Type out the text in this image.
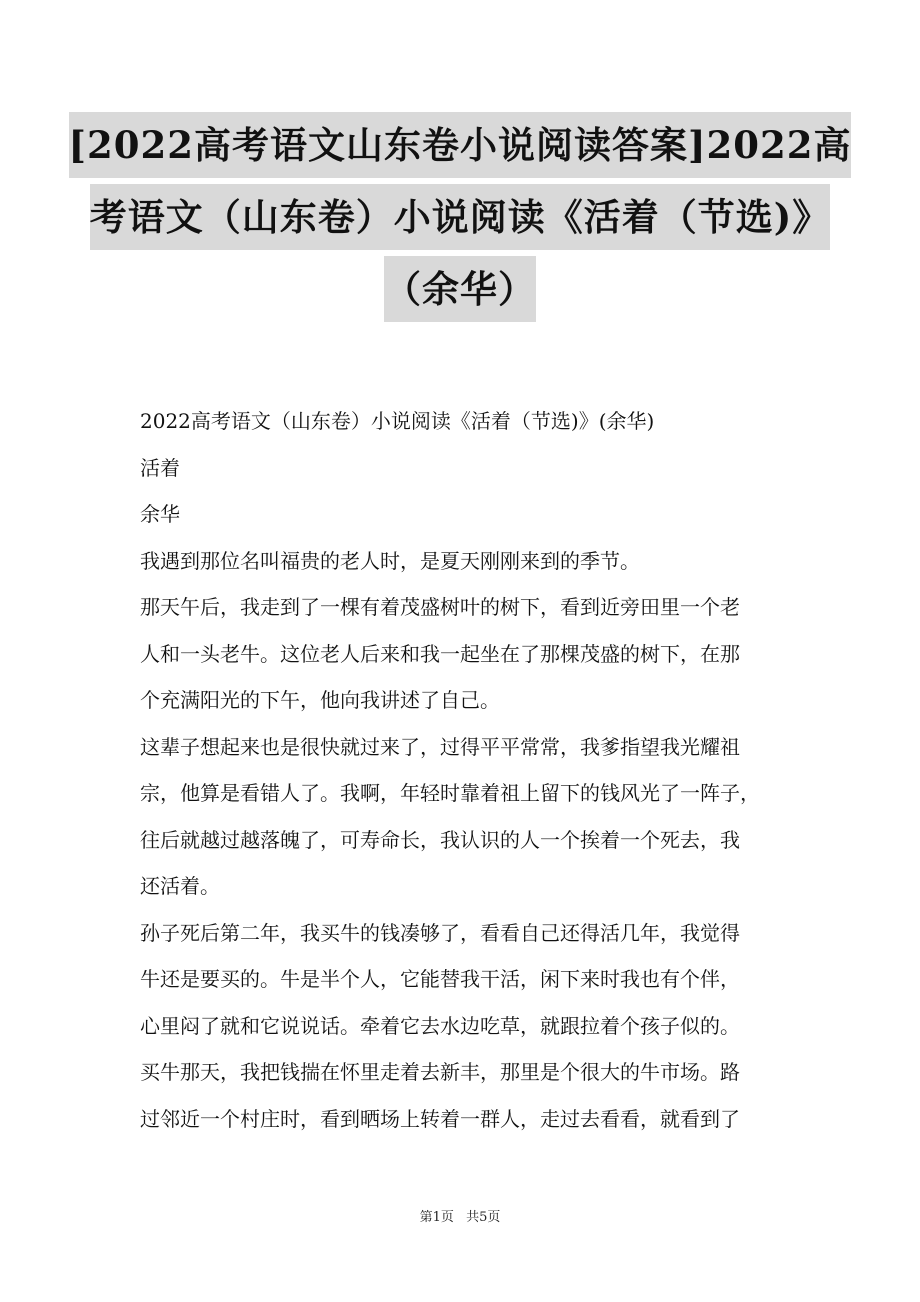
[2022高考语文山东卷小说阅读答案]2022高
考语文（山东卷）小说阅读《活着（节选)》
（余华）

2022高考语文（山东卷）小说阅读《活着（节选)》(余华)

活着

余华

我遇到那位名叫福贵的老人时，是夏天刚刚来到的季节。

那天午后，我走到了一棵有着茂盛树叶的树下，看到近旁田里一个老

人和一头老牛。这位老人后来和我一起坐在了那棵茂盛的树下，在那

个充满阳光的下午，他向我讲述了自己。

这辈子想起来也是很快就过来了，过得平平常常，我爹指望我光耀祖

宗，他算是看错人了。我啊，年轻时靠着祖上留下的钱风光了一阵子，

往后就越过越落魄了，可寿命长，我认识的人一个挨着一个死去，我

还活着。

孙子死后第二年，我买牛的钱凑够了，看看自己还得活几年，我觉得

牛还是要买的。牛是半个人，它能替我干活，闲下来时我也有个伴，

心里闷了就和它说说话。牵着它去水边吃草，就跟拉着个孩子似的。

买牛那天，我把钱揣在怀里走着去新丰，那里是个很大的牛市场。路

过邻近一个村庄时，看到晒场上转着一群人，走过去看看，就看到了

第1页 共5页
